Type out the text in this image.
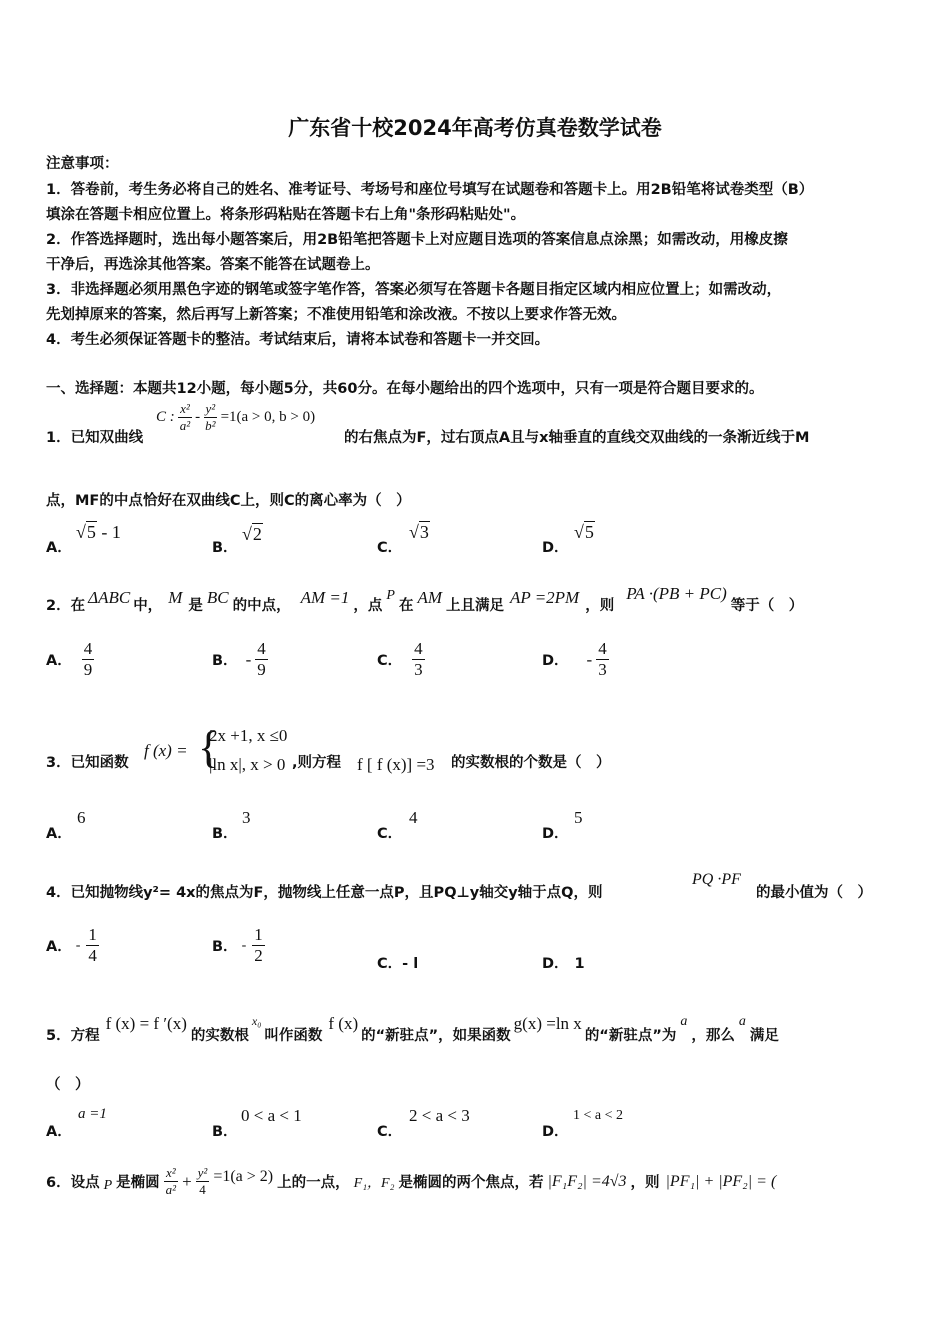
广东省十校2024年高考仿真卷数学试卷
注意事项：
1．答卷前，考生务必将自己的姓名、准考证号、考场号和座位号填写在试题卷和答题卡上。用2B铅笔将试卷类型（B）
填涂在答题卡相应位置上。将条形码粘贴在答题卡右上角"条形码粘贴处"。
2．作答选择题时，选出每小题答案后，用2B铅笔把答题卡上对应题目选项的答案信息点涂黑；如需改动，用橡皮擦
干净后，再选涂其他答案。答案不能答在试题卷上。
3．非选择题必须用黑色字迹的钢笔或签字笔作答，答案必须写在答题卡各题目指定区域内相应位置上；如需改动，
先划掉原来的答案，然后再写上新答案；不准使用铅笔和涂改液。不按以上要求作答无效。
4．考生必须保证答题卡的整洁。考试结束后，请将本试卷和答题卡一并交回。
一、选择题：本题共12小题，每小题5分，共60分。在每小题给出的四个选项中，只有一项是符合题目要求的。
1．已知双曲线
C : $\frac{\text{x²}}{\text{a²}} - \frac{\text{y²}}{\text{b²}} =1(a > 0$, b > 0)
的右焦点为F，过右顶点A且与x轴垂直的直线交双曲线的一条渐近线于M
点，MF的中点恰好在双曲线C上，则C的离心率为（　）
A．
√5 - 1
B．
√2
C．
√3
D．
√5
2．在 ΔABC 中， M 是 BC 的中点， AM =1 ，点
P
在 AM 上且满足 AP =2PM ，则
PA ·(PB + PC)
等于（　）
A． $\frac{4}{9}$	B． - $\frac{4}{9}$	C． $\frac{4}{3}$	D． - $\frac{4}{3}$
3．已知函数
f (x) = {
2x +1, x ≤0
|ln x|, x > 0 ,则方程 f [ f (x)] =3 的实数根的个数是（　）
A．
6
B．
3
C．
4
D．
5
4．已知抛物线y²= 4x的焦点为F，抛物线上任意一点P，且PQ⊥y轴交y轴于点Q，则
PQ ·PF
的最小值为（　）
A． - $\frac{1}{4}$	B． - $\frac{1}{2}$	C．- l	D． 1
5．方程
f (x) = f ′(x)
的实数根
x₀
叫作函数
f (x)
的“新驻点”，如果函数
g(x) =ln x
的“新驻点”为
a
，那么
a
满足
（　）
A．
a =1
B．
0 < a < 1
C．
2 < a < 3
D．
1 < a < 2
6．设点 P 是椭圆 $\frac{\text{x²}}{\text{a²}} + \frac{\text{y²}}{4} =1(a > 2)$ 上的一点， F₁，F₂ 是椭圆的两个焦点，若 |F₁F₂| =4√3 ，则 |PF₁| + |PF₂| = (
